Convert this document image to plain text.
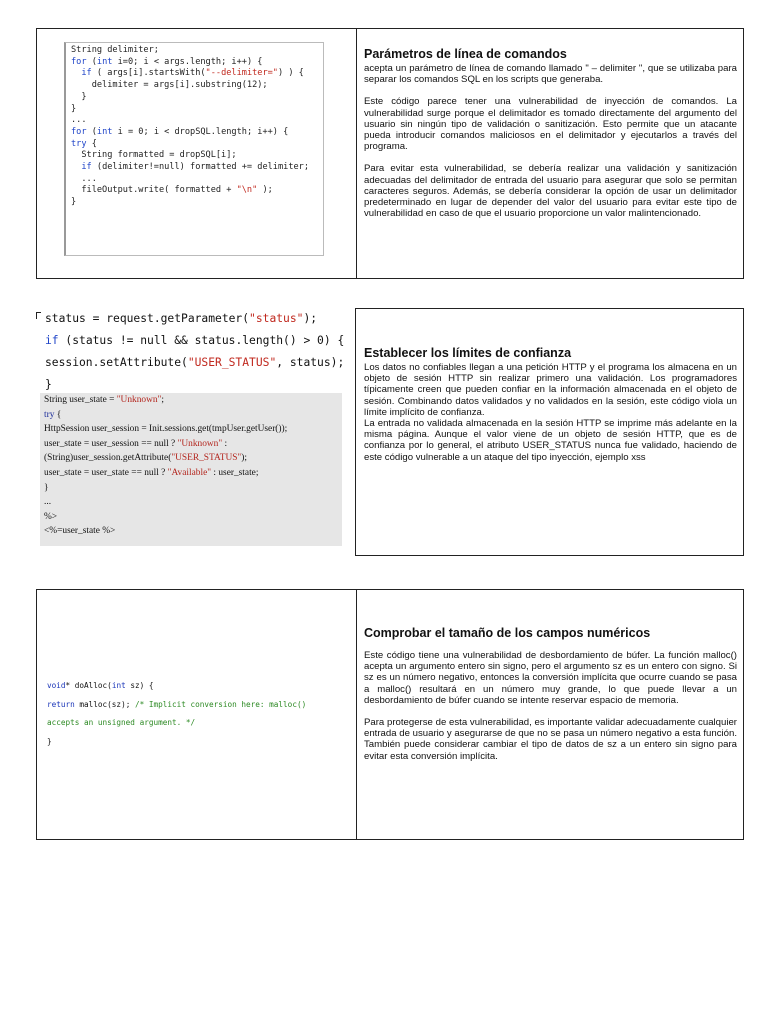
String delimiter;
for (int i=0; i < args.length; i++) {
if ( args[i].startsWith("--delimiter=") ) {
delimiter = args[i].substring(12);
}
}
...
for (int i = 0; i < dropSQL.length; i++) {
try {
String formatted = dropSQL[i];
if (delimiter!=null) formatted += delimiter;
...
fileOutput.write( formatted + "\n" );
}
Parámetros de línea de comandos

acepta un parámetro de línea de comando llamado " – delimiter ", que se utilizaba para separar los comandos SQL en los scripts que generaba.

Este código parece tener una vulnerabilidad de inyección de comandos. La vulnerabilidad surge porque el delimitador es tomado directamente del argumento del usuario sin ningún tipo de validación o sanitización. Esto permite que un atacante pueda introducir comandos maliciosos en el delimitador y ejecutarlos a través del programa.

Para evitar esta vulnerabilidad, se debería realizar una validación y sanitización adecuadas del delimitador de entrada del usuario para asegurar que solo se permitan caracteres seguros. Además, se debería considerar la opción de usar un delimitador predeterminado en lugar de depender del valor del usuario para evitar este tipo de vulnerabilidad en caso de que el usuario proporcione un valor malintencionado.

status = request.getParameter("status");
if (status != null && status.length() > 0) {
session.setAttribute("USER_STATUS", status);
}
String user_state = "Unknown";
try {
HttpSession user_session = Init.sessions.get(tmpUser.getUser());
user_state = user_session == null ? "Unknown" :
(String)user_session.getAttribute("USER_STATUS");
user_state = user_state == null ? "Available" : user_state;
}
...
%>
<%=user_state %>
Establecer los límites de confianza

Los datos no confiables llegan a una petición HTTP y el programa los almacena en un objeto de sesión HTTP sin realizar primero una validación. Los programadores típicamente creen que pueden confiar en la información almacenada en el objeto de sesión. Combinando datos validados y no validados en la sesión, este código viola un límite implícito de confianza.

La entrada no validada almacenada en la sesión HTTP se imprime más adelante en la misma página. Aunque el valor viene de un objeto de sesión HTTP, que es de confianza por lo general, el atributo USER_STATUS nunca fue validado, haciendo de este código vulnerable a un ataque del tipo inyección, ejemplo xss

void* doAlloc(int sz) {
return malloc(sz); /* Implicit conversion here: malloc()
accepts an unsigned argument. */
}
Comprobar el tamaño de los campos numéricos

Este código tiene una vulnerabilidad de desbordamiento de búfer. La función malloc() acepta un argumento entero sin signo, pero el argumento sz es un entero con signo. Si sz es un número negativo, entonces la conversión implícita que ocurre cuando se pasa a malloc() resultará en un número muy grande, lo que puede llevar a un desbordamiento de búfer cuando se intente reservar espacio de memoria.

Para protegerse de esta vulnerabilidad, es importante validar adecuadamente cualquier entrada de usuario y asegurarse de que no se pasa un número negativo a esta función. También puede considerar cambiar el tipo de datos de sz a un entero sin signo para evitar esta conversión implícita.
